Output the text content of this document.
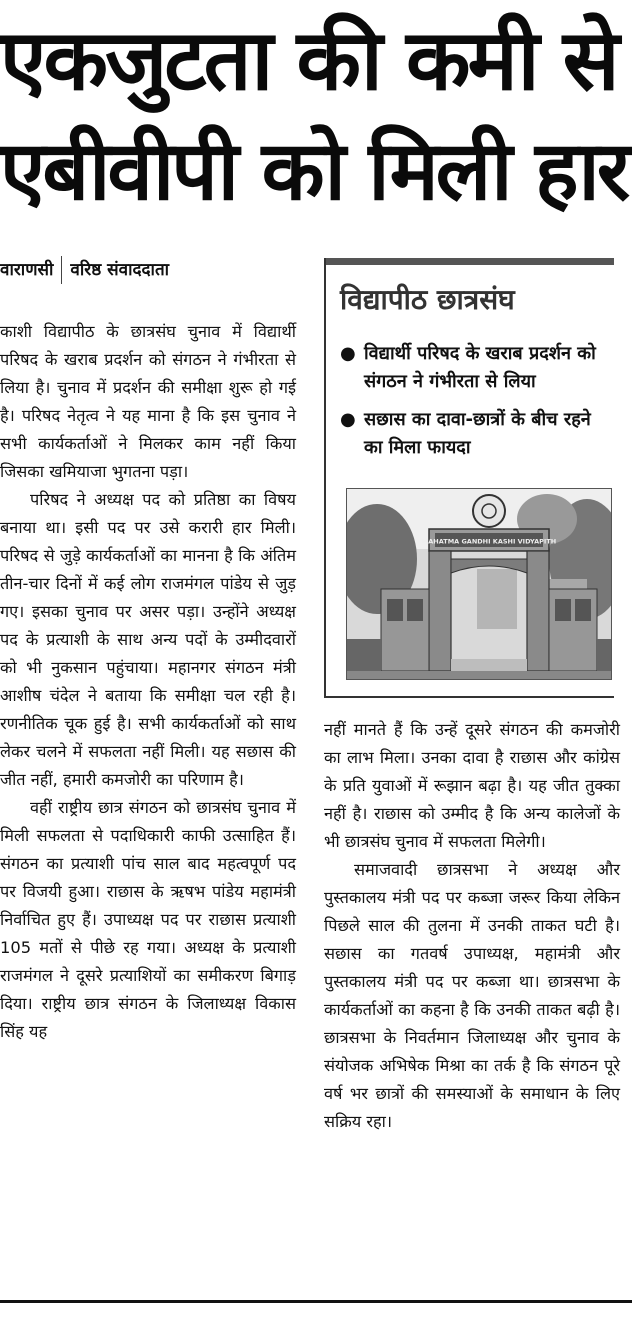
एकजुटता की कमी से
एबीवीपी को मिली हार
वाराणसी वरिष्ठ संवाददाता

काशी विद्यापीठ के छात्रसंघ चुनाव में विद्यार्थी परिषद के खराब प्रदर्शन को संगठन ने गंभीरता से लिया है। चुनाव में प्रदर्शन की समीक्षा शुरू हो गई है। परिषद नेतृत्व ने यह माना है कि इस चुनाव ने सभी कार्यकर्ताओं ने मिलकर काम नहीं किया जिसका खमियाजा भुगतना पड़ा।

परिषद ने अध्यक्ष पद को प्रतिष्ठा का विषय बनाया था। इसी पद पर उसे करारी हार मिली। परिषद से जुड़े कार्यकर्ताओं का मानना है कि अंतिम तीन-चार दिनों में कई लोग राजमंगल पांडेय से जुड़ गए। इसका चुनाव पर असर पड़ा। उन्होंने अध्यक्ष पद के प्रत्याशी के साथ अन्य पदों के उम्मीदवारों को भी नुकसान पहुंचाया। महानगर संगठन मंत्री आशीष चंदेल ने बताया कि समीक्षा चल रही है। रणनीतिक चूक हुई है। सभी कार्यकर्ताओं को साथ लेकर चलने में सफलता नहीं मिली। यह सछास की जीत नहीं, हमारी कमजोरी का परिणाम है।

वहीं राष्ट्रीय छात्र संगठन को छात्रसंघ चुनाव में मिली सफलता से पदाधिकारी काफी उत्साहित हैं। संगठन का प्रत्याशी पांच साल बाद महत्वपूर्ण पद पर विजयी हुआ। राछास के ऋषभ पांडेय महामंत्री निर्वाचित हुए हैं। उपाध्यक्ष पद पर राछास प्रत्याशी 105 मतों से पीछे रह गया। अध्यक्ष के प्रत्याशी राजमंगल ने दूसरे प्रत्याशियों का समीकरण बिगाड़ दिया। राष्ट्रीय छात्र संगठन के जिलाध्यक्ष विकास सिंह यह

विद्यापीठ छात्रसंघ
● विद्यार्थी परिषद के खराब प्रदर्शन को संगठन ने गंभीरता से लिया
● सछास का दावा-छात्रों के बीच रहने का मिला फायदा
MAHATMA GANDHI KASHI VIDYAPITH

नहीं मानते हैं कि उन्हें दूसरे संगठन की कमजोरी का लाभ मिला। उनका दावा है राछास और कांग्रेस के प्रति युवाओं में रूझान बढ़ा है। यह जीत तुक्का नहीं है। राछास को उम्मीद है कि अन्य कालेजों के भी छात्रसंघ चुनाव में सफलता मिलेगी।

समाजवादी छात्रसभा ने अध्यक्ष और पुस्तकालय मंत्री पद पर कब्जा जरूर किया लेकिन पिछले साल की तुलना में उनकी ताकत घटी है। सछास का गतवर्ष उपाध्यक्ष, महामंत्री और पुस्तकालय मंत्री पद पर कब्जा था। छात्रसभा के कार्यकर्ताओं का कहना है कि उनकी ताकत बढ़ी है। छात्रसभा के निवर्तमान जिलाध्यक्ष और चुनाव के संयोजक अभिषेक मिश्रा का तर्क है कि संगठन पूरे वर्ष भर छात्रों की समस्याओं के समाधान के लिए सक्रिय रहा।
